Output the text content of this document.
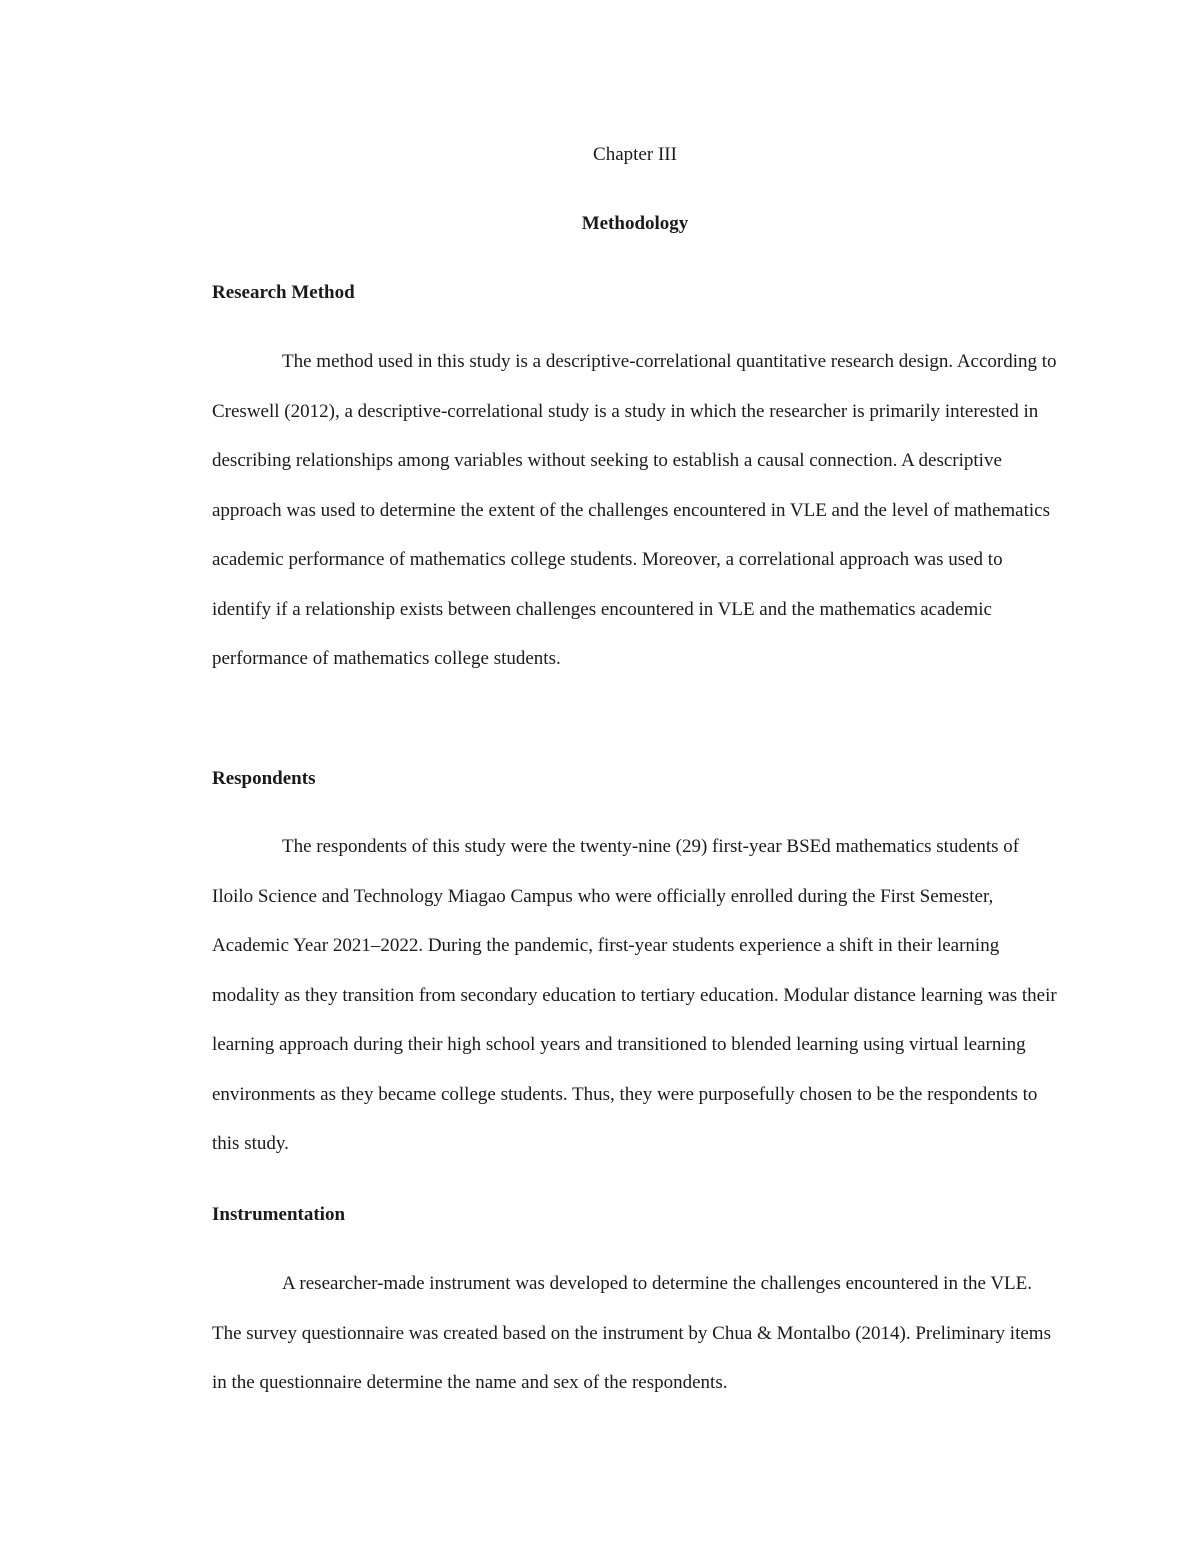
Chapter III

Methodology
Research Method

The method used in this study is a descriptive-correlational quantitative research design. According to Creswell (2012), a descriptive-correlational study is a study in which the researcher is primarily interested in describing relationships among variables without seeking to establish a causal connection. A descriptive approach was used to determine the extent of the challenges encountered in VLE and the level of mathematics academic performance of mathematics college students. Moreover, a correlational approach was used to identify if a relationship exists between challenges encountered in VLE and the mathematics academic performance of mathematics college students.

Respondents

The respondents of this study were the twenty-nine (29) first-year BSEd mathematics students of Iloilo Science and Technology Miagao Campus who were officially enrolled during the First Semester, Academic Year 2021–2022. During the pandemic, first-year students experience a shift in their learning modality as they transition from secondary education to tertiary education. Modular distance learning was their learning approach during their high school years and transitioned to blended learning using virtual learning environments as they became college students. Thus, they were purposefully chosen to be the respondents to this study.

Instrumentation

A researcher-made instrument was developed to determine the challenges encountered in the VLE. The survey questionnaire was created based on the instrument by Chua & Montalbo (2014). Preliminary items in the questionnaire determine the name and sex of the respondents.
